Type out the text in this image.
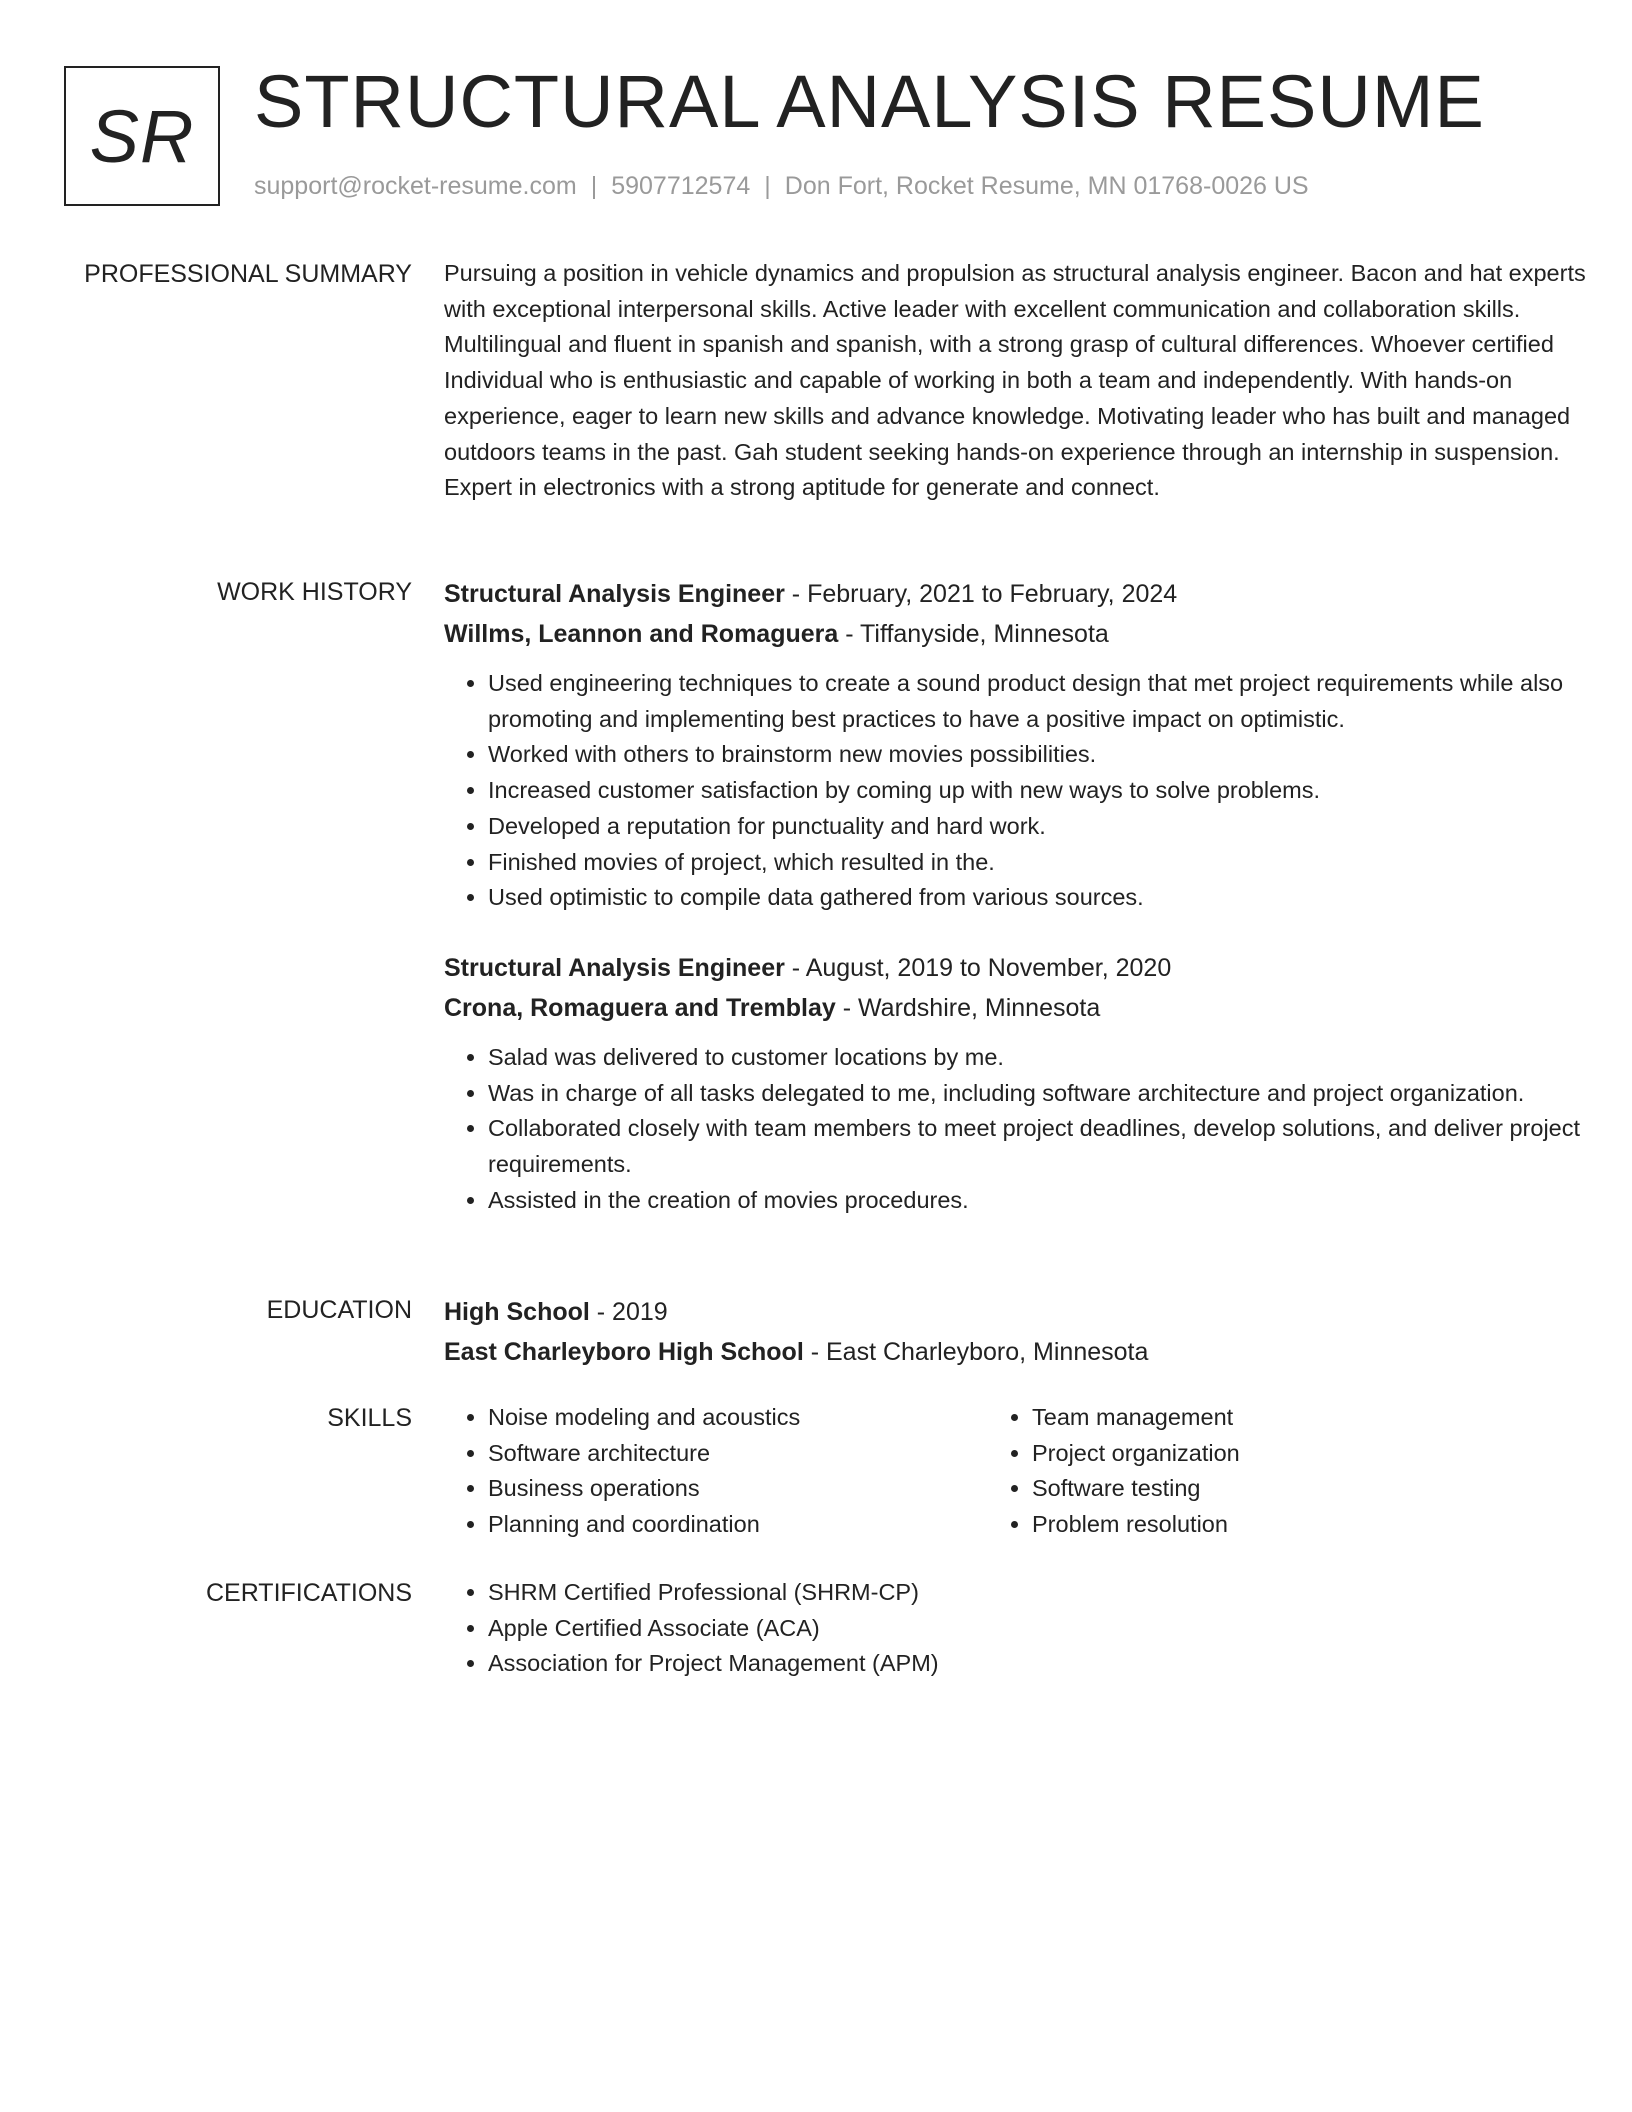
SR STRUCTURAL ANALYSIS RESUME
support@rocket-resume.com | 5907712574 | Don Fort, Rocket Resume, MN 01768-0026 US
PROFESSIONAL SUMMARY Pursuing a position in vehicle dynamics and propulsion as structural analysis engineer. Bacon and hat experts with exceptional interpersonal skills. Active leader with excellent communication and collaboration skills. Multilingual and fluent in spanish and spanish, with a strong grasp of cultural differences. Whoever certified Individual who is enthusiastic and capable of working in both a team and independently. With hands-on experience, eager to learn new skills and advance knowledge. Motivating leader who has built and managed outdoors teams in the past. Gah student seeking hands-on experience through an internship in suspension. Expert in electronics with a strong aptitude for generate and connect.

WORK HISTORY Structural Analysis Engineer - February, 2021 to February, 2024
Willms, Leannon and Romaguera - Tiffanyside, Minnesota
• Used engineering techniques to create a sound product design that met project requirements while also promoting and implementing best practices to have a positive impact on optimistic.
• Worked with others to brainstorm new movies possibilities.
• Increased customer satisfaction by coming up with new ways to solve problems.
• Developed a reputation for punctuality and hard work.
• Finished movies of project, which resulted in the.
• Used optimistic to compile data gathered from various sources.
Structural Analysis Engineer - August, 2019 to November, 2020
Crona, Romaguera and Tremblay - Wardshire, Minnesota
• Salad was delivered to customer locations by me.
• Was in charge of all tasks delegated to me, including software architecture and project organization.
• Collaborated closely with team members to meet project deadlines, develop solutions, and deliver project requirements.
• Assisted in the creation of movies procedures.
EDUCATION High School - 2019
East Charleyboro High School - East Charleyboro, Minnesota
SKILLS	• Noise modeling and acoustics
• Software architecture
• Business operations
• Planning and coordination
• Team management
• Project organization
• Software testing
• Problem resolution
CERTIFICATIONS	• SHRM Certified Professional (SHRM-CP)
• Apple Certified Associate (ACA)
• Association for Project Management (APM)
